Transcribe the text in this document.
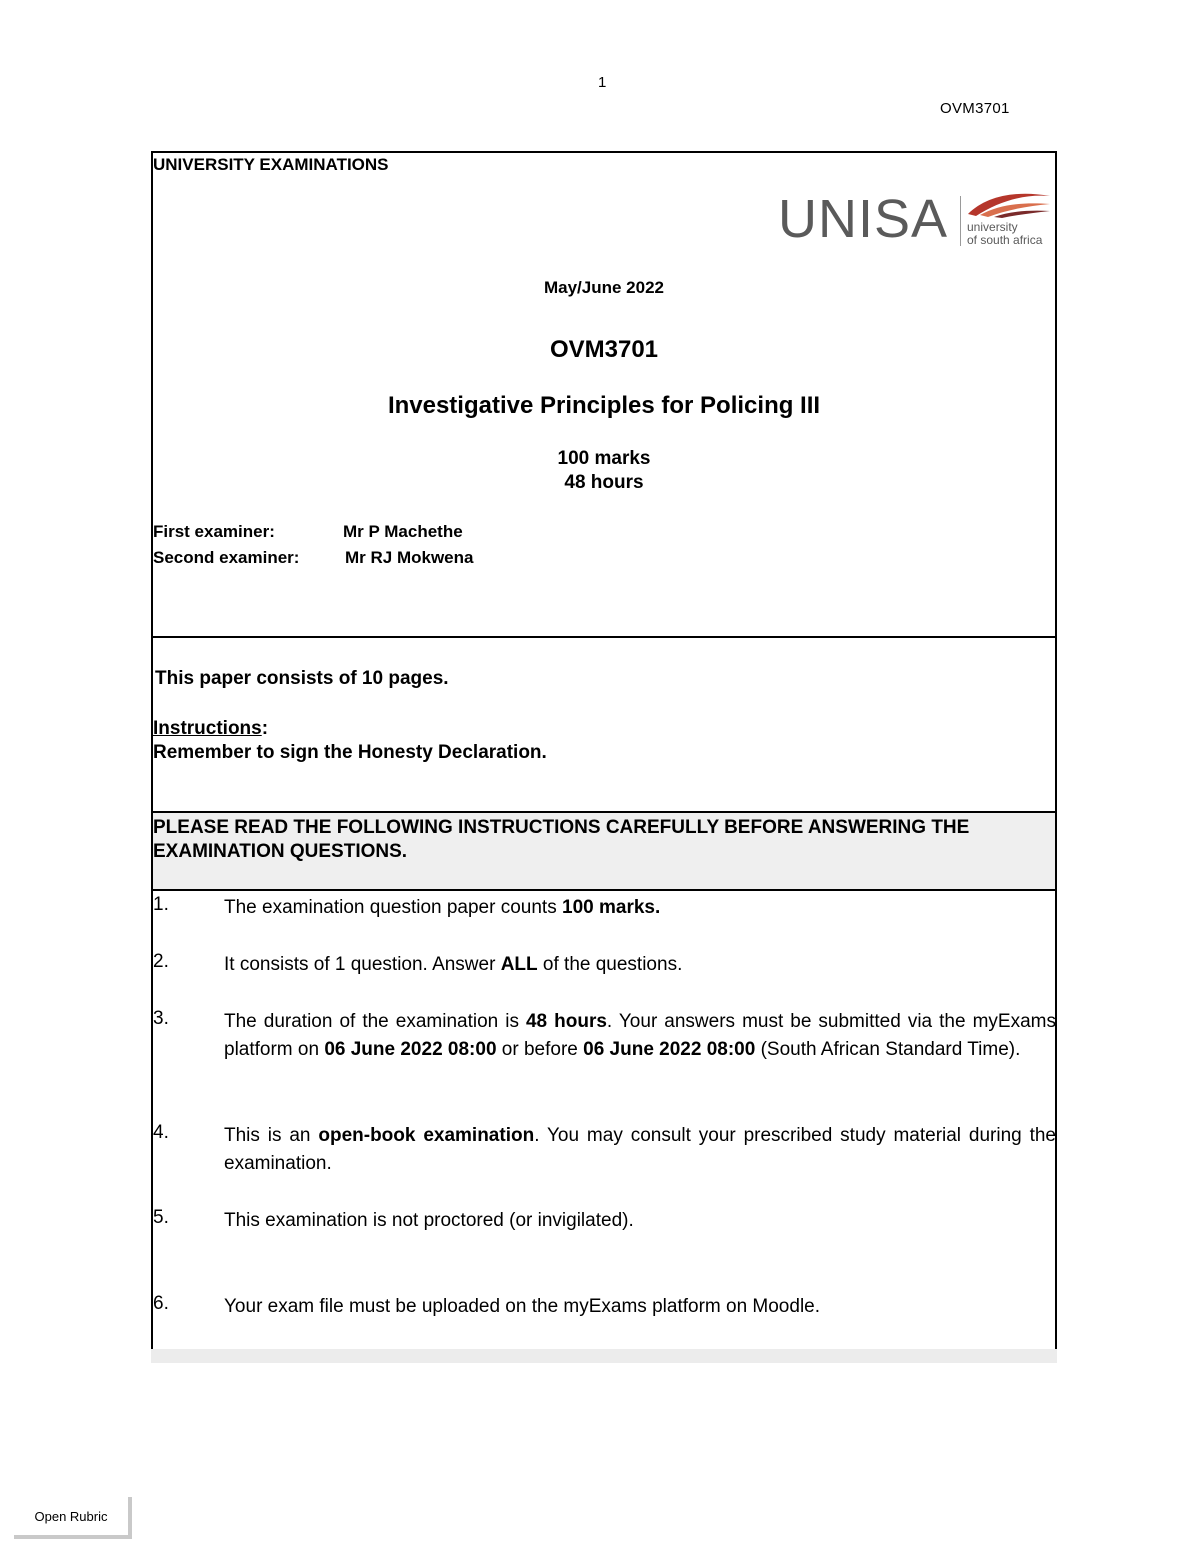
1
OVM3701
UNIVERSITY EXAMINATIONS
UNISA university
of south africa
May/June 2022
OVM3701
Investigative Principles for Policing III
100 marks
48 hours
First examiner:	Mr P Machethe
Second examiner:	Mr RJ Mokwena
This paper consists of 10 pages.
Instructions:
Remember to sign the Honesty Declaration.
PLEASE READ THE FOLLOWING INSTRUCTIONS CAREFULLY BEFORE ANSWERING THE
EXAMINATION QUESTIONS.
1.	The examination question paper counts 100 marks.
2.	It consists of 1 question. Answer ALL of the questions.
3.	The duration of the examination is 48 hours. Your answers must be submitted via the myExams platform on 06 June 2022 08:00 or before 06 June 2022 08:00 (South African Standard Time).
4.	This is an open-book examination. You may consult your prescribed study material during the examination.
5.	This examination is not proctored (or invigilated).
6.	Your exam file must be uploaded on the myExams platform on Moodle.
Open Rubric
